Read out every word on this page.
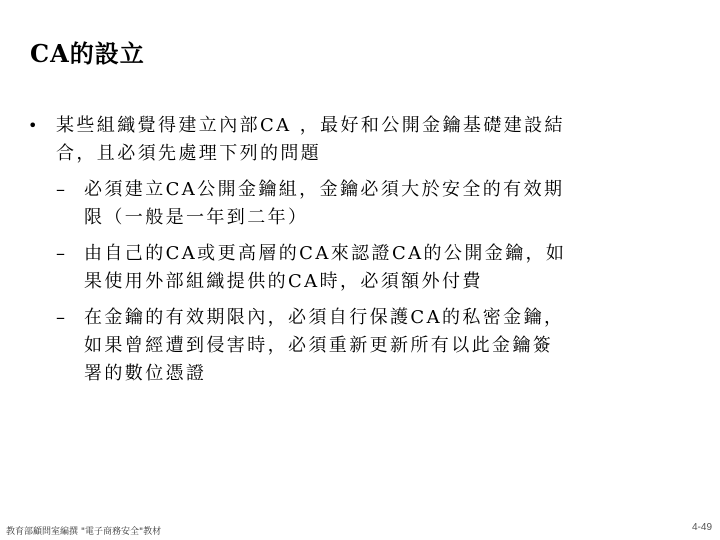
CA的設立
• 某些組織覺得建立內部CA ，最好和公開金鑰基礎建設結
合，且必須先處理下列的問題
– 必須建立CA公開金鑰組，金鑰必須大於安全的有效期
限（一般是一年到二年）
– 由自己的CA或更高層的CA來認證CA的公開金鑰，如
果使用外部組織提供的CA時，必須額外付費
– 在金鑰的有效期限內，必須自行保護CA的私密金鑰，
如果曾經遭到侵害時，必須重新更新所有以此金鑰簽
署的數位憑證
教育部顧問室編撰 "電子商務安全"教材	4-49
